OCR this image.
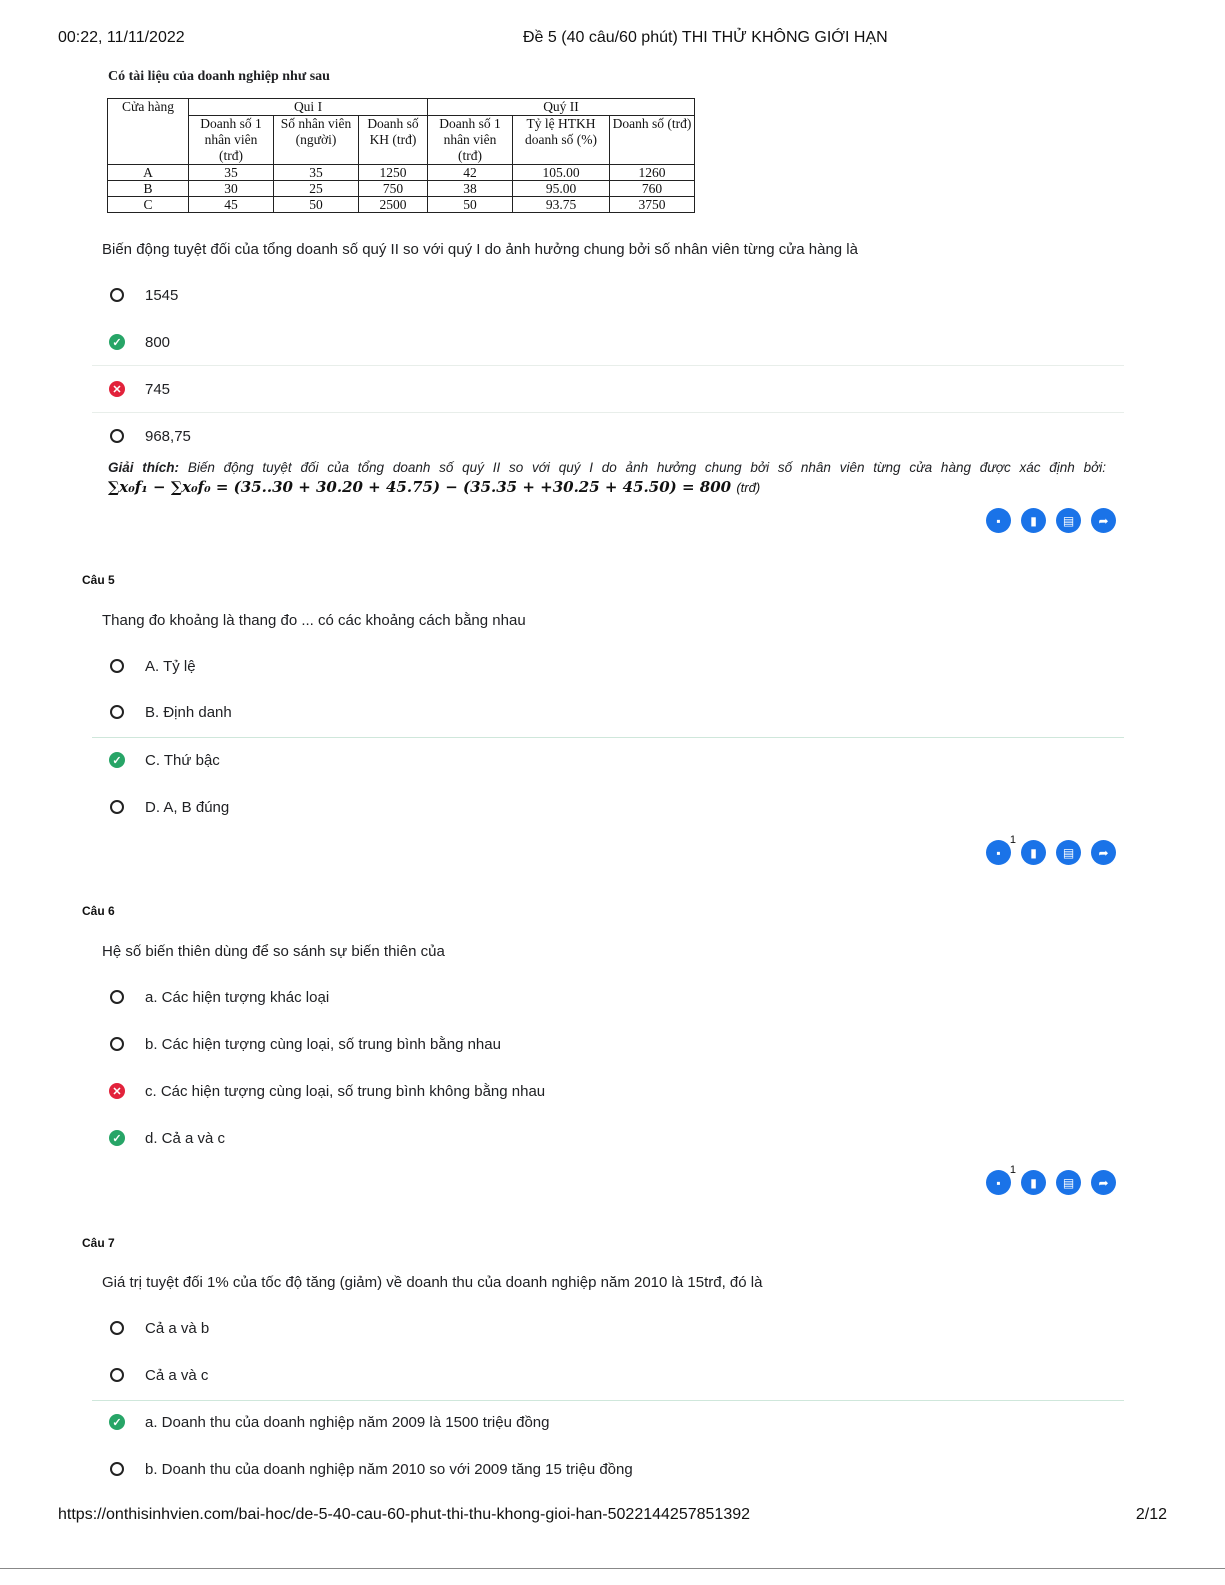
00:22, 11/11/2022	Đề 5 (40 câu/60 phút) THI THỬ KHÔNG GIỚI HẠN
Có tài liệu của doanh nghiệp như sau
Cửa hàng	Qui I			Quý II		
	Doanh số 1 nhân viên (trđ)	Số nhân viên (người)	Doanh số KH (trđ)	Doanh số 1 nhân viên (trđ)	Tỷ lệ HTKH doanh số (%)	Doanh số (trđ)
A	35	35	1250	42	105.00	1260
B	30	25	750	38	95.00	760
C	45	50	2500	50	93.75	3750
Biến động tuyệt đối của tổng doanh số quý II so với quý I do ảnh hưởng chung bởi số nhân viên từng cửa hàng là
1545
✓ 800
✕ 745
968,75
Giải thích: Biến động tuyệt đối của tổng doanh số quý II so với quý I do ảnh hưởng chung bởi số nhân viên từng cửa hàng được xác định bởi:
∑x₀f₁ − ∑x₀f₀ = (35..30 + 30.20 + 45.75) − (35.35 + +30.25 + 45.50) = 800 (trđ)
▪	▮	▤	➦
Câu 5
Thang đo khoảng là thang đo ... có các khoảng cách bằng nhau
A. Tỷ lệ
B. Định danh
✓ C. Thứ bậc
D. A, B đúng
▪
1
▮	▤	➦
Câu 6
Hệ số biến thiên dùng để so sánh sự biến thiên của
a. Các hiện tượng khác loại
b. Các hiện tượng cùng loại, số trung bình bằng nhau
✕ c. Các hiện tượng cùng loại, số trung bình không bằng nhau
✓ d. Cả a và c
▪
1
▮	▤	➦
Câu 7
Giá trị tuyệt đối 1% của tốc độ tăng (giảm) về doanh thu của doanh nghiệp năm 2010 là 15trđ, đó là
Cả a và b
Cả a và c
✓ a. Doanh thu của doanh nghiệp năm 2009 là 1500 triệu đồng
b. Doanh thu của doanh nghiệp năm 2010 so với 2009 tăng 15 triệu đồng
https://onthisinhvien.com/bai-hoc/de-5-40-cau-60-phut-thi-thu-khong-gioi-han-5022144257851392	2/12
